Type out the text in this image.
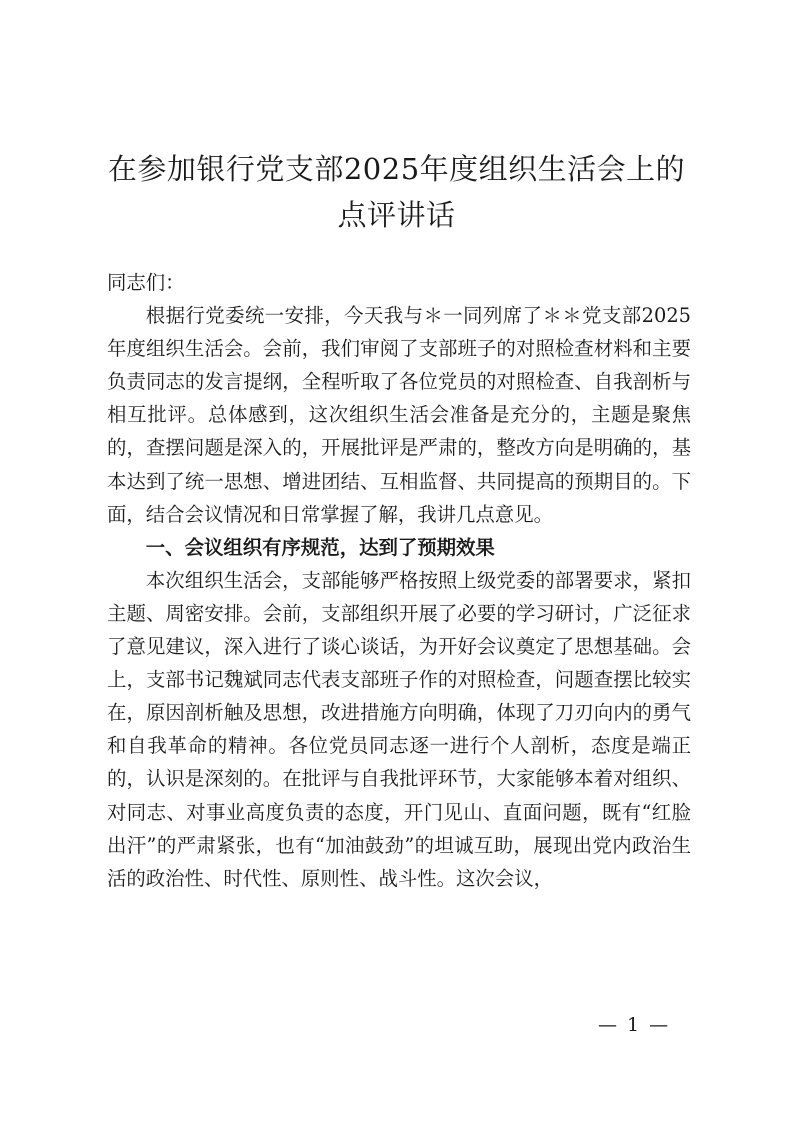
在参加银行党支部2025年度组织生活会上的
点评讲话

同志们：

根据行党委统一安排，今天我与＊一同列席了＊＊党支部2025年度组织生活会。会前，我们审阅了支部班子的对照检查材料和主要负责同志的发言提纲，全程听取了各位党员的对照检查、自我剖析与相互批评。总体感到，这次组织生活会准备是充分的，主题是聚焦的，查摆问题是深入的，开展批评是严肃的，整改方向是明确的，基本达到了统一思想、增进团结、互相监督、共同提高的预期目的。下面，结合会议情况和日常掌握了解，我讲几点意见。

一、会议组织有序规范，达到了预期效果

本次组织生活会，支部能够严格按照上级党委的部署要求，紧扣主题、周密安排。会前，支部组织开展了必要的学习研讨，广泛征求了意见建议，深入进行了谈心谈话，为开好会议奠定了思想基础。会上，支部书记魏斌同志代表支部班子作的对照检查，问题查摆比较实在，原因剖析触及思想，改进措施方向明确，体现了刀刃向内的勇气和自我革命的精神。各位党员同志逐一进行个人剖析，态度是端正的，认识是深刻的。在批评与自我批评环节，大家能够本着对组织、对同志、对事业高度负责的态度，开门见山、直面问题，既有“红脸出汗”的严肃紧张，也有“加油鼓劲”的坦诚互助，展现出党内政治生活的政治性、时代性、原则性、战斗性。这次会议，

— 1 —
